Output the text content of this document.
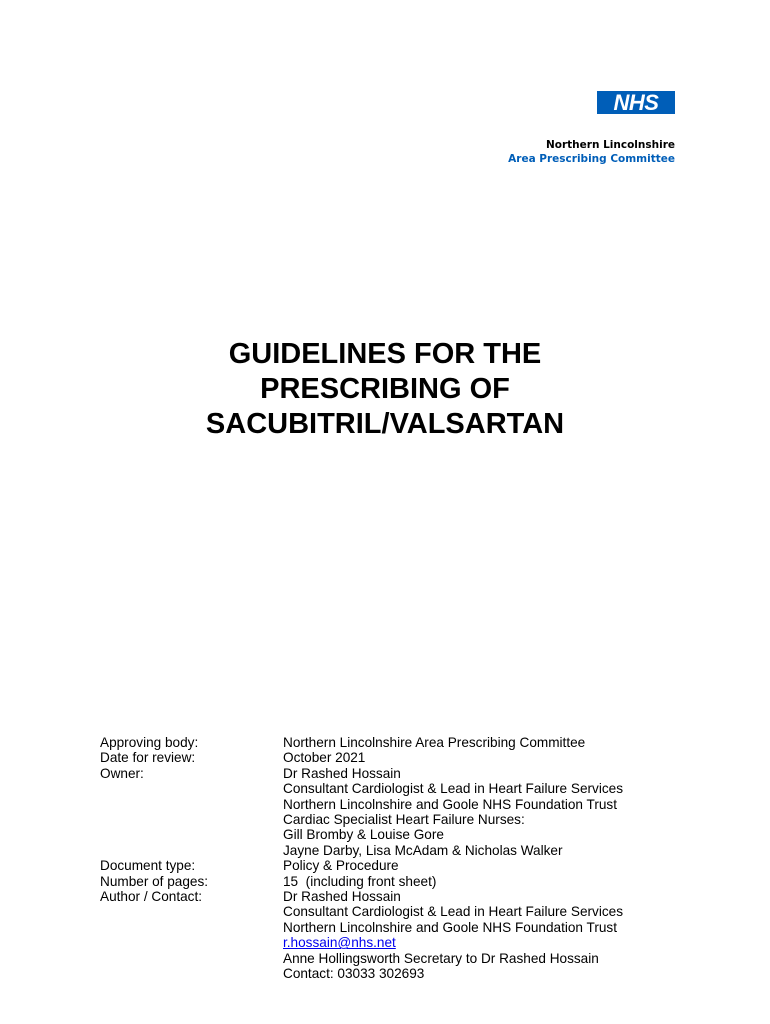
NHS
Northern Lincolnshire
Area Prescribing Committee
GUIDELINES FOR THE
PRESCRIBING OF
SACUBITRIL/VALSARTAN
Approving body:	Northern Lincolnshire Area Prescribing Committee
Date for review:	October 2021
Owner:	Dr Rashed Hossain
Consultant Cardiologist & Lead in Heart Failure Services
Northern Lincolnshire and Goole NHS Foundation Trust
Cardiac Specialist Heart Failure Nurses:
Gill Bromby & Louise Gore
Jayne Darby, Lisa McAdam & Nicholas Walker
Document type:	Policy & Procedure
Number of pages:	15  (including front sheet)
Author / Contact:	Dr Rashed Hossain
Consultant Cardiologist & Lead in Heart Failure Services
Northern Lincolnshire and Goole NHS Foundation Trust
r.hossain@nhs.net
Anne Hollingsworth Secretary to Dr Rashed Hossain
Contact: 03033 302693
